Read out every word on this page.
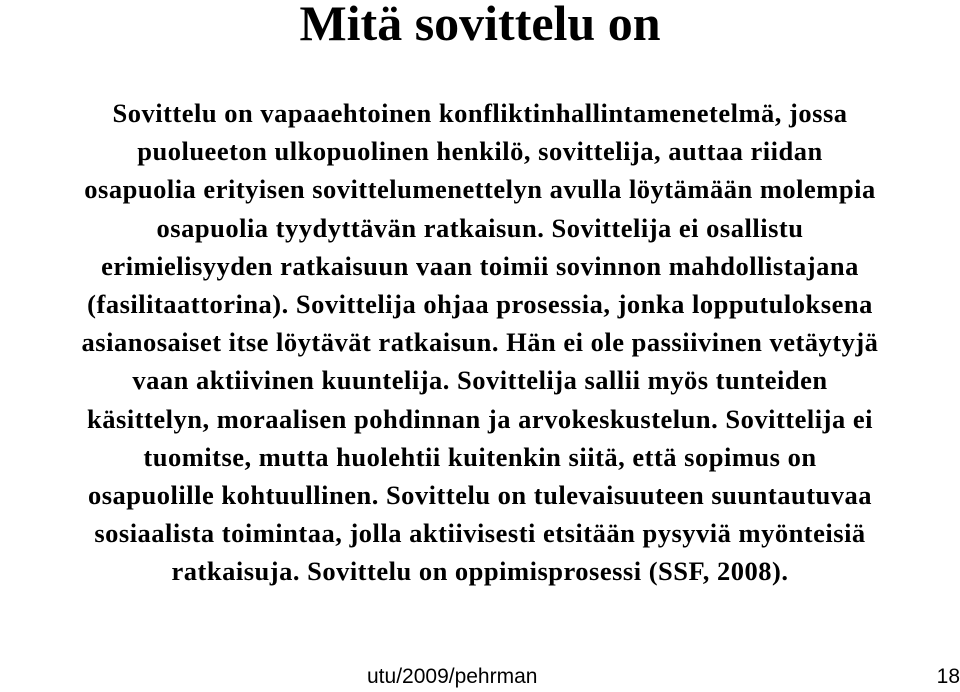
Mitä sovittelu on
Sovittelu on vapaaehtoinen konfliktinhallintamenetelmä, jossa
puolueeton ulkopuolinen henkilö, sovittelija, auttaa riidan
osapuolia erityisen sovittelumenettelyn avulla löytämään molempia
osapuolia tyydyttävän ratkaisun. Sovittelija ei osallistu
erimielisyyden ratkaisuun vaan toimii sovinnon mahdollistajana
(fasilitaattorina). Sovittelija ohjaa prosessia, jonka lopputuloksena
asianosaiset itse löytävät ratkaisun. Hän ei ole passiivinen vetäytyjä
vaan aktiivinen kuuntelija. Sovittelija sallii myös tunteiden
käsittelyn, moraalisen pohdinnan ja arvokeskustelun. Sovittelija ei
tuomitse, mutta huolehtii kuitenkin siitä, että sopimus on
osapuolille kohtuullinen. Sovittelu on tulevaisuuteen suuntautuvaa
sosiaalista toimintaa, jolla aktiivisesti etsitään pysyviä myönteisiä
ratkaisuja. Sovittelu on oppimisprosessi (SSF, 2008).
utu/2009/pehrman	18
